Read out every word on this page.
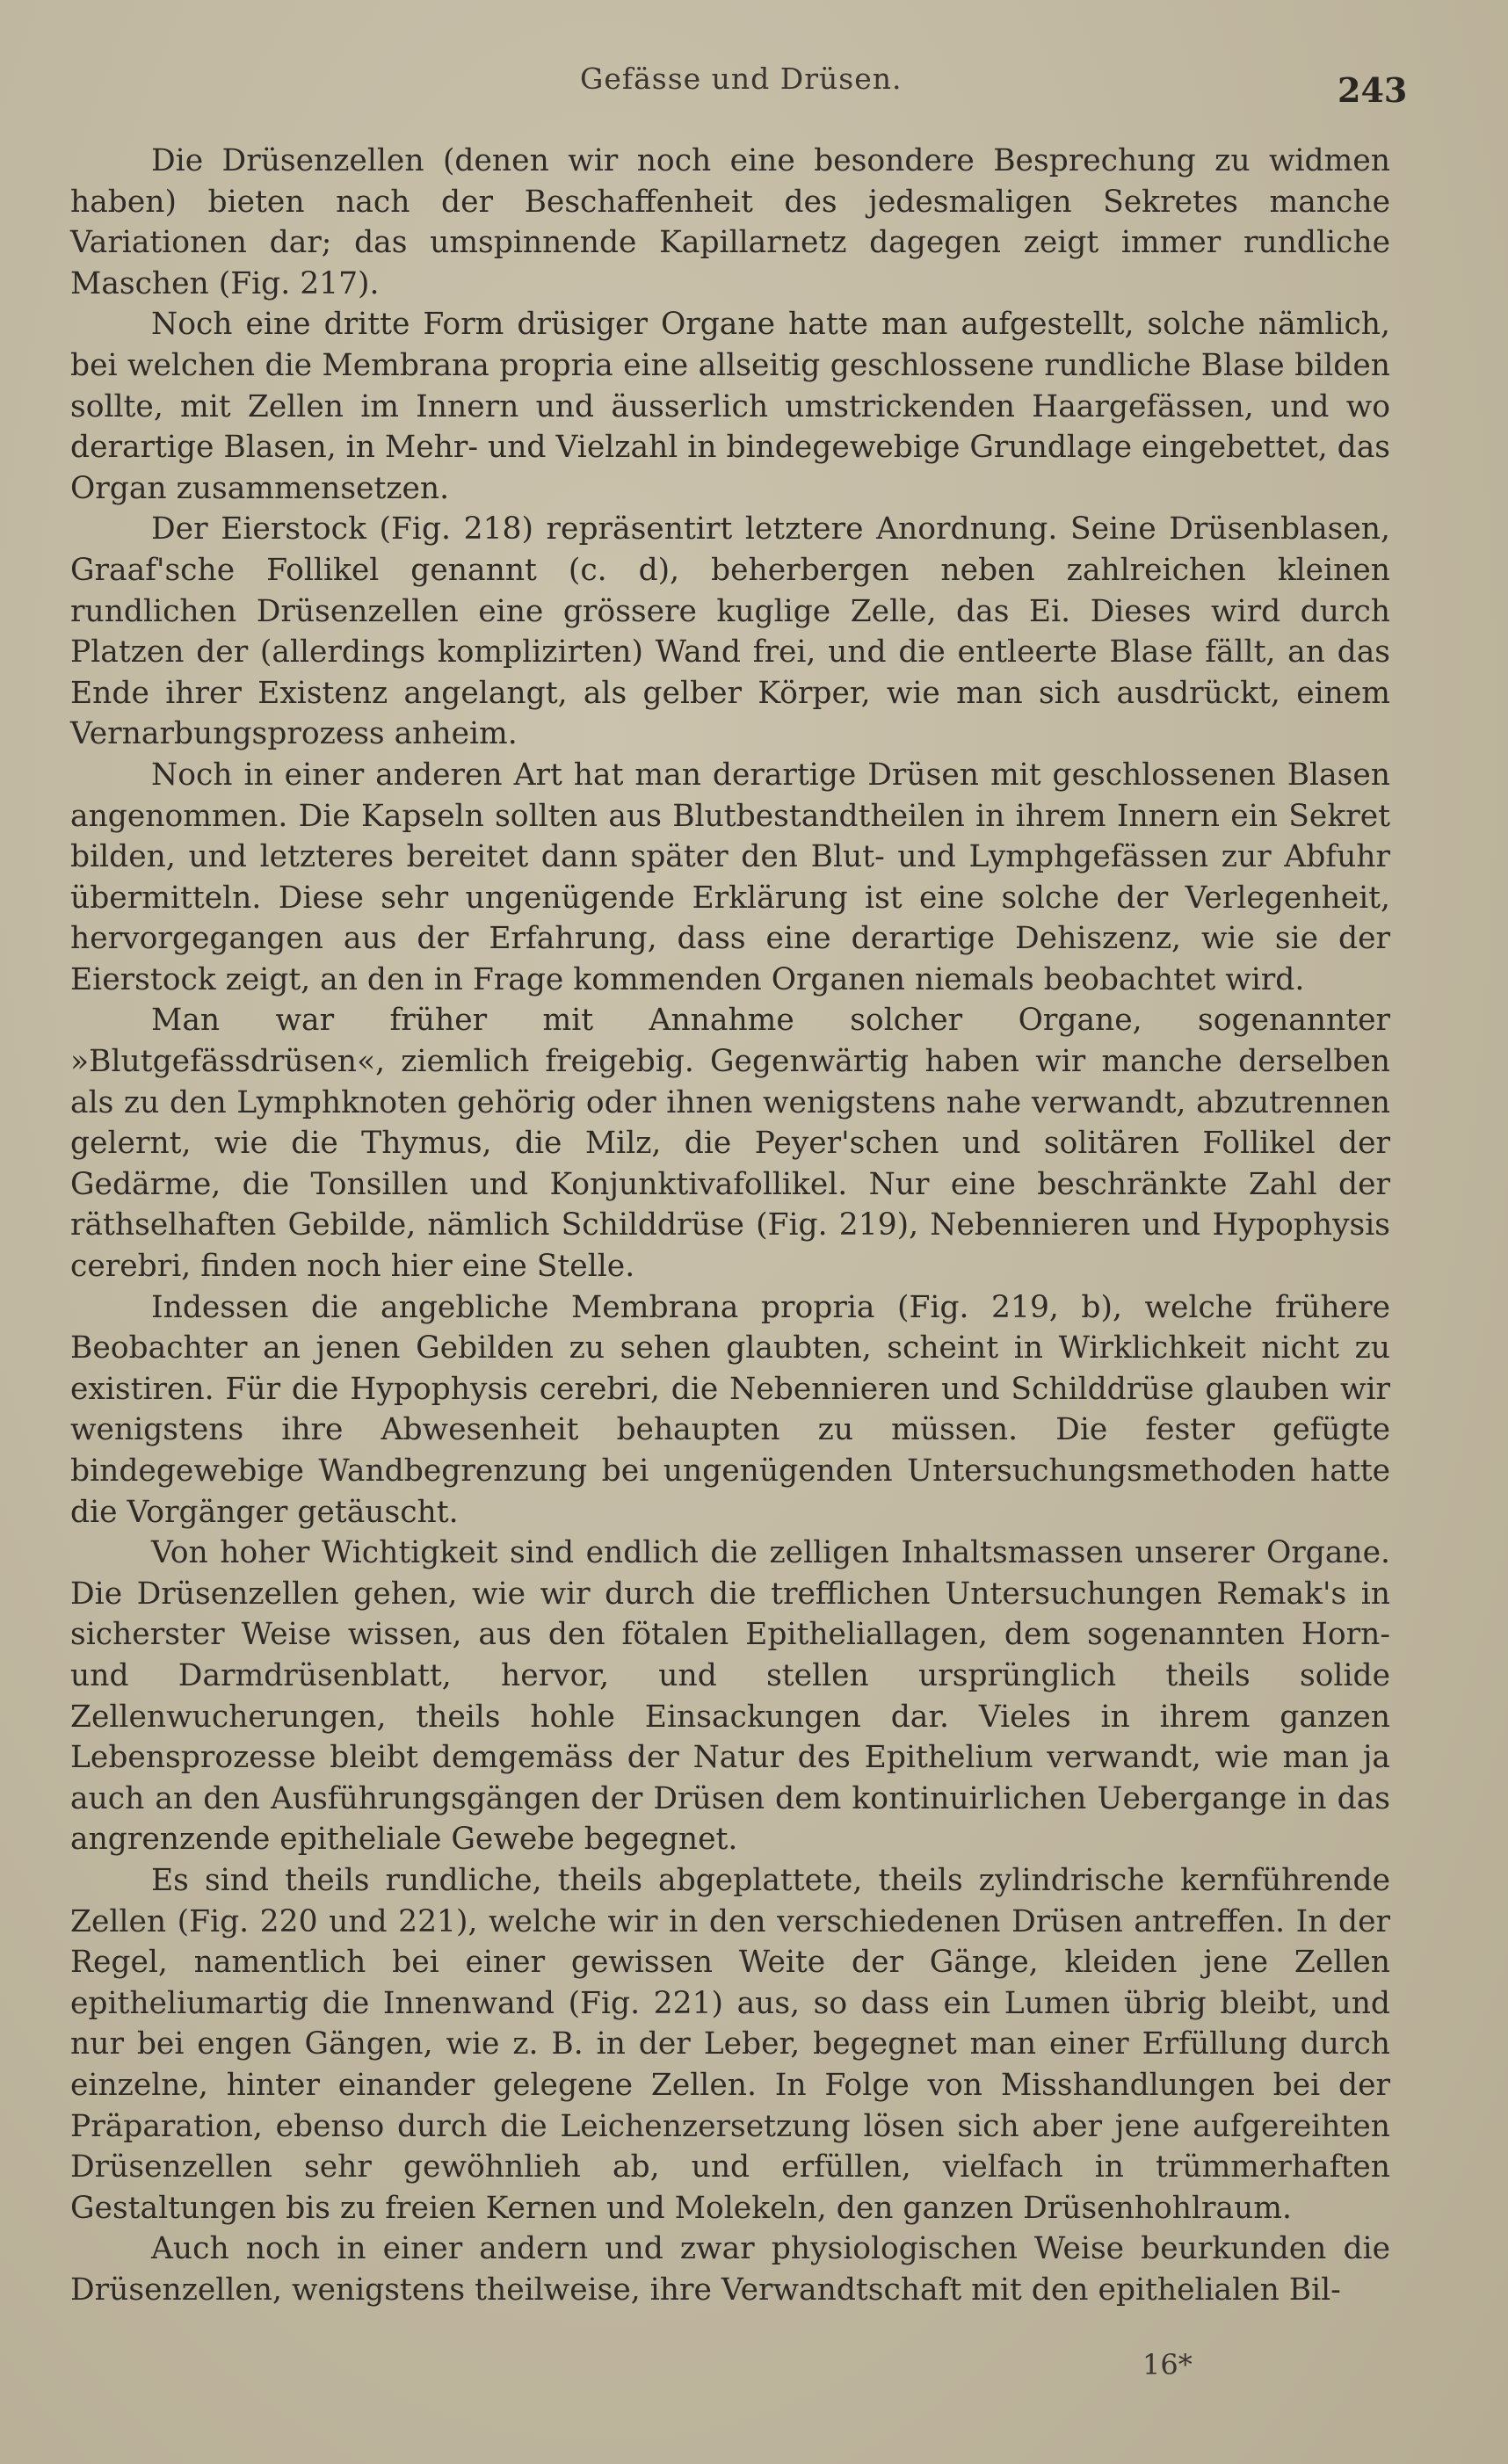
Gefässe und Drüsen.	243

Die Drüsenzellen (denen wir noch eine besondere Besprechung zu widmen haben) bieten nach der Beschaffenheit des jedesmaligen Sekretes manche Variationen dar; das umspinnende Kapillarnetz dagegen zeigt immer rundliche Maschen (Fig. 217).

Noch eine dritte Form drüsiger Organe hatte man aufgestellt, solche nämlich, bei welchen die Membrana propria eine allseitig geschlossene rundliche Blase bilden sollte, mit Zellen im Innern und äusserlich umstrickenden Haargefässen, und wo derartige Blasen, in Mehr- und Vielzahl in bindegewebige Grundlage eingebettet, das Organ zusammensetzen.

Der Eierstock (Fig. 218) repräsentirt letztere Anordnung. Seine Drüsenblasen, Graaf'sche Follikel genannt (c. d), beherbergen neben zahlreichen kleinen rundlichen Drüsenzellen eine grössere kuglige Zelle, das Ei. Dieses wird durch Platzen der (allerdings komplizirten) Wand frei, und die entleerte Blase fällt, an das Ende ihrer Existenz angelangt, als gelber Körper, wie man sich ausdrückt, einem Vernarbungsprozess anheim.

Noch in einer anderen Art hat man derartige Drüsen mit geschlossenen Blasen angenommen. Die Kapseln sollten aus Blutbestandtheilen in ihrem Innern ein Sekret bilden, und letzteres bereitet dann später den Blut- und Lymphgefässen zur Abfuhr übermitteln. Diese sehr ungenügende Erklärung ist eine solche der Verlegenheit, hervorgegangen aus der Erfahrung, dass eine derartige Dehiszenz, wie sie der Eierstock zeigt, an den in Frage kommenden Organen niemals beobachtet wird.

Man war früher mit Annahme solcher Organe, sogenannter »Blutgefässdrüsen«, ziemlich freigebig. Gegenwärtig haben wir manche derselben als zu den Lymphknoten gehörig oder ihnen wenigstens nahe verwandt, abzutrennen gelernt, wie die Thymus, die Milz, die Peyer'schen und solitären Follikel der Gedärme, die Tonsillen und Konjunktivafollikel. Nur eine beschränkte Zahl der räthselhaften Gebilde, nämlich Schilddrüse (Fig. 219), Nebennieren und Hypophysis cerebri, finden noch hier eine Stelle.

Indessen die angebliche Membrana propria (Fig. 219, b), welche frühere Beobachter an jenen Gebilden zu sehen glaubten, scheint in Wirklichkeit nicht zu existiren. Für die Hypophysis cerebri, die Nebennieren und Schilddrüse glauben wir wenigstens ihre Abwesenheit behaupten zu müssen. Die fester gefügte bindegewebige Wandbegrenzung bei ungenügenden Untersuchungsmethoden hatte die Vorgänger getäuscht.

Von hoher Wichtigkeit sind endlich die zelligen Inhaltsmassen unserer Organe. Die Drüsenzellen gehen, wie wir durch die trefflichen Untersuchungen Remak's in sicherster Weise wissen, aus den fötalen Epitheliallagen, dem sogenannten Horn- und Darmdrüsenblatt, hervor, und stellen ursprünglich theils solide Zellenwucherungen, theils hohle Einsackungen dar. Vieles in ihrem ganzen Lebensprozesse bleibt demgemäss der Natur des Epithelium verwandt, wie man ja auch an den Ausführungsgängen der Drüsen dem kontinuirlichen Uebergange in das angrenzende epitheliale Gewebe begegnet.

Es sind theils rundliche, theils abgeplattete, theils zylindrische kernführende Zellen (Fig. 220 und 221), welche wir in den verschiedenen Drüsen antreffen. In der Regel, namentlich bei einer gewissen Weite der Gänge, kleiden jene Zellen epitheliumartig die Innenwand (Fig. 221) aus, so dass ein Lumen übrig bleibt, und nur bei engen Gängen, wie z. B. in der Leber, begegnet man einer Erfüllung durch einzelne, hinter einander gelegene Zellen. In Folge von Misshandlungen bei der Präparation, ebenso durch die Leichenzersetzung lösen sich aber jene aufgereihten Drüsenzellen sehr gewöhnlieh ab, und erfüllen, vielfach in trümmerhaften Gestaltungen bis zu freien Kernen und Molekeln, den ganzen Drüsenhohlraum.

Auch noch in einer andern und zwar physiologischen Weise beurkunden die Drüsenzellen, wenigstens theilweise, ihre Verwandtschaft mit den epithelialen Bil-

16*
